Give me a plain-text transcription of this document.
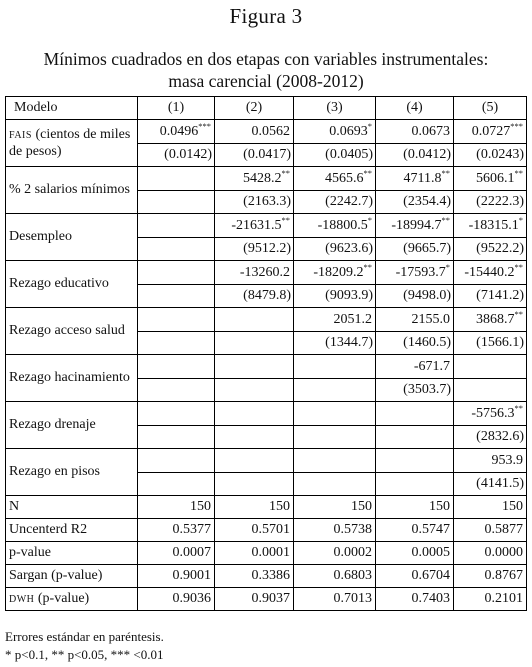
Figura 3
Mínimos cuadrados en dos etapas con variables instrumentales:
masa carencial (2008-2012)
Modelo	(1)	(2)	(3)	(4)	(5)
FAIS (cientos de miles de pesos)	0.0496***	0.0562	0.0693*	0.0673	0.0727***
	(0.0142)	(0.0417)	(0.0405)	(0.0412)	(0.0243)
% 2 salarios mínimos		5428.2**	4565.6**	4711.8**	5606.1**
		(2163.3)	(2242.7)	(2354.4)	(2222.3)
Desempleo		-21631.5**	-18800.5*	-18994.7**	-18315.1*
		(9512.2)	(9623.6)	(9665.7)	(9522.2)
Rezago educativo		-13260.2	-18209.2**	-17593.7*	-15440.2**
		(8479.8)	(9093.9)	(9498.0)	(7141.2)
Rezago acceso salud			2051.2	2155.0	3868.7**
			(1344.7)	(1460.5)	(1566.1)
Rezago hacinamiento				-671.7	
				(3503.7)	
Rezago drenaje					-5756.3**
					(2832.6)
Rezago en pisos					953.9
					(4141.5)
N	150	150	150	150	150
Uncenterd R2	0.5377	0.5701	0.5738	0.5747	0.5877
p-value	0.0007	0.0001	0.0002	0.0005	0.0000
Sargan (p-value)	0.9001	0.3386	0.6803	0.6704	0.8767
DWH (p-value)	0.9036	0.9037	0.7013	0.7403	0.2101
Errores estándar en paréntesis.
* p<0.1, ** p<0.05, *** <0.01
